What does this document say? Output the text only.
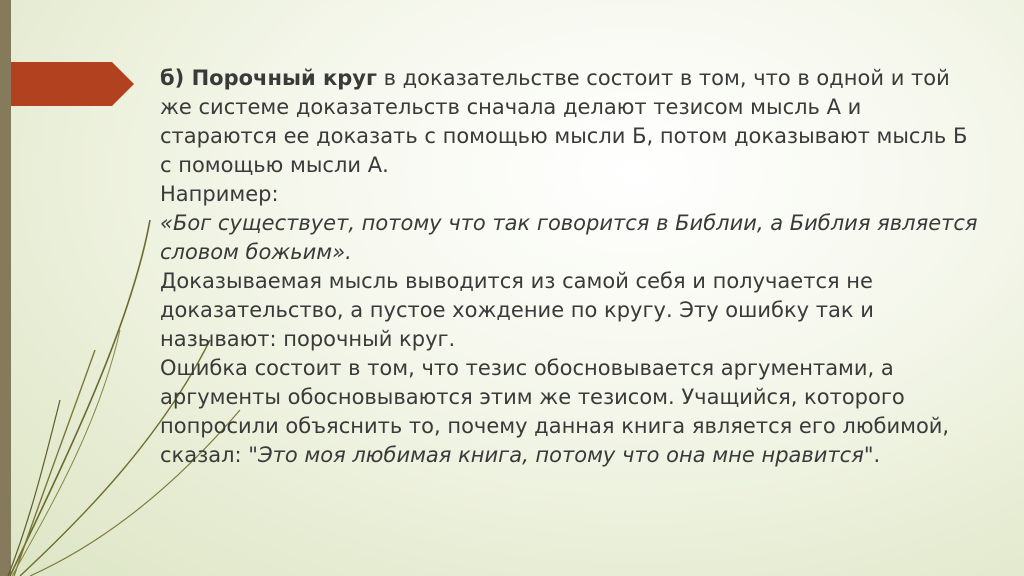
б) Порочный круг в доказательстве состоит в том, что в одной и той же системе доказательств сначала делают тезисом мысль А и стараются ее доказать с помощью мысли Б, потом доказывают мысль Б с помощью мысли А.

Например:

«Бог существует, потому что так говорится в Библии, а Библия является словом божьим».

Доказываемая мысль выводится из самой себя и получается не доказательство, а пустое хождение по кругу. Эту ошибку так и называют: порочный круг.

Ошибка состоит в том, что тезис обосновывается аргументами, а аргументы обосновываются этим же тезисом. Учащийся, которого попросили объяснить то, почему данная книга является его любимой, сказал: "Это моя любимая книга, потому что она мне нравится".
